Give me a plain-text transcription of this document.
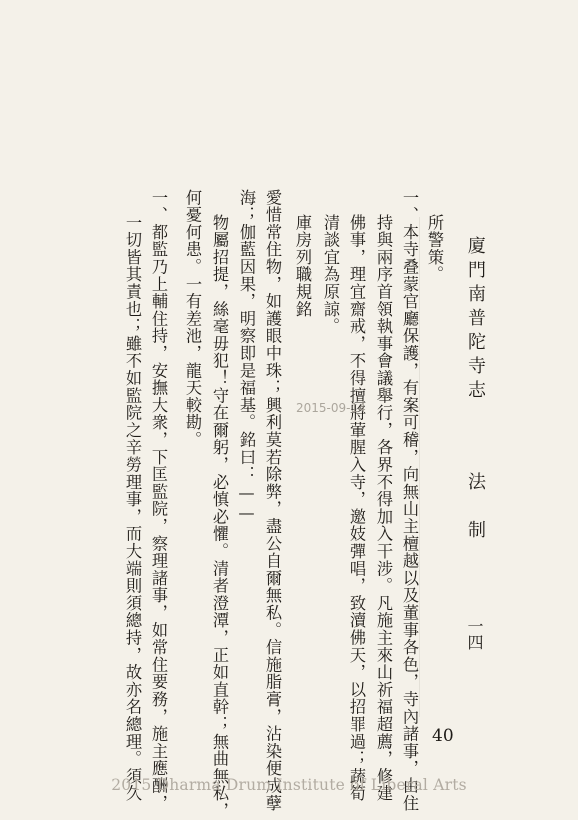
廈門南普陀寺志
法制
一四
所警策。
一、本寺叠蒙官廳保護，有案可稽，向無山主檀越以及董事各色，寺內諸事，由住
持與兩序首領執事會議舉行，各界不得加入干涉。凡施主來山祈福超薦，修建
佛事，理宜齋戒，不得擅將葷腥入寺，邀妓彈唱，致瀆佛天，以招罪過；蔬筍
清談宜為原諒。
庫房列職規銘
愛惜常住物，如護眼中珠；興利莫若除弊，盡公自爾無私。信施脂膏，沾染便成孽
海；伽藍因果，明察即是福基。銘曰：——
物屬招提，絲毫毋犯！守在爾躬，必慎必懼。清者澄潭，正如直幹；無曲無私，
何憂何患。一有差池，龍天較勘。
一、都監乃上輔住持，安撫大衆，下匡監院，察理諸事，如常住要務，施主應酬，
一切皆其責也；雖不如監院之辛勞理事，而大端則須總持，故亦名總理。須久	2015-09-14
40
2015 Dharma Drum Institute of Liberal Arts
